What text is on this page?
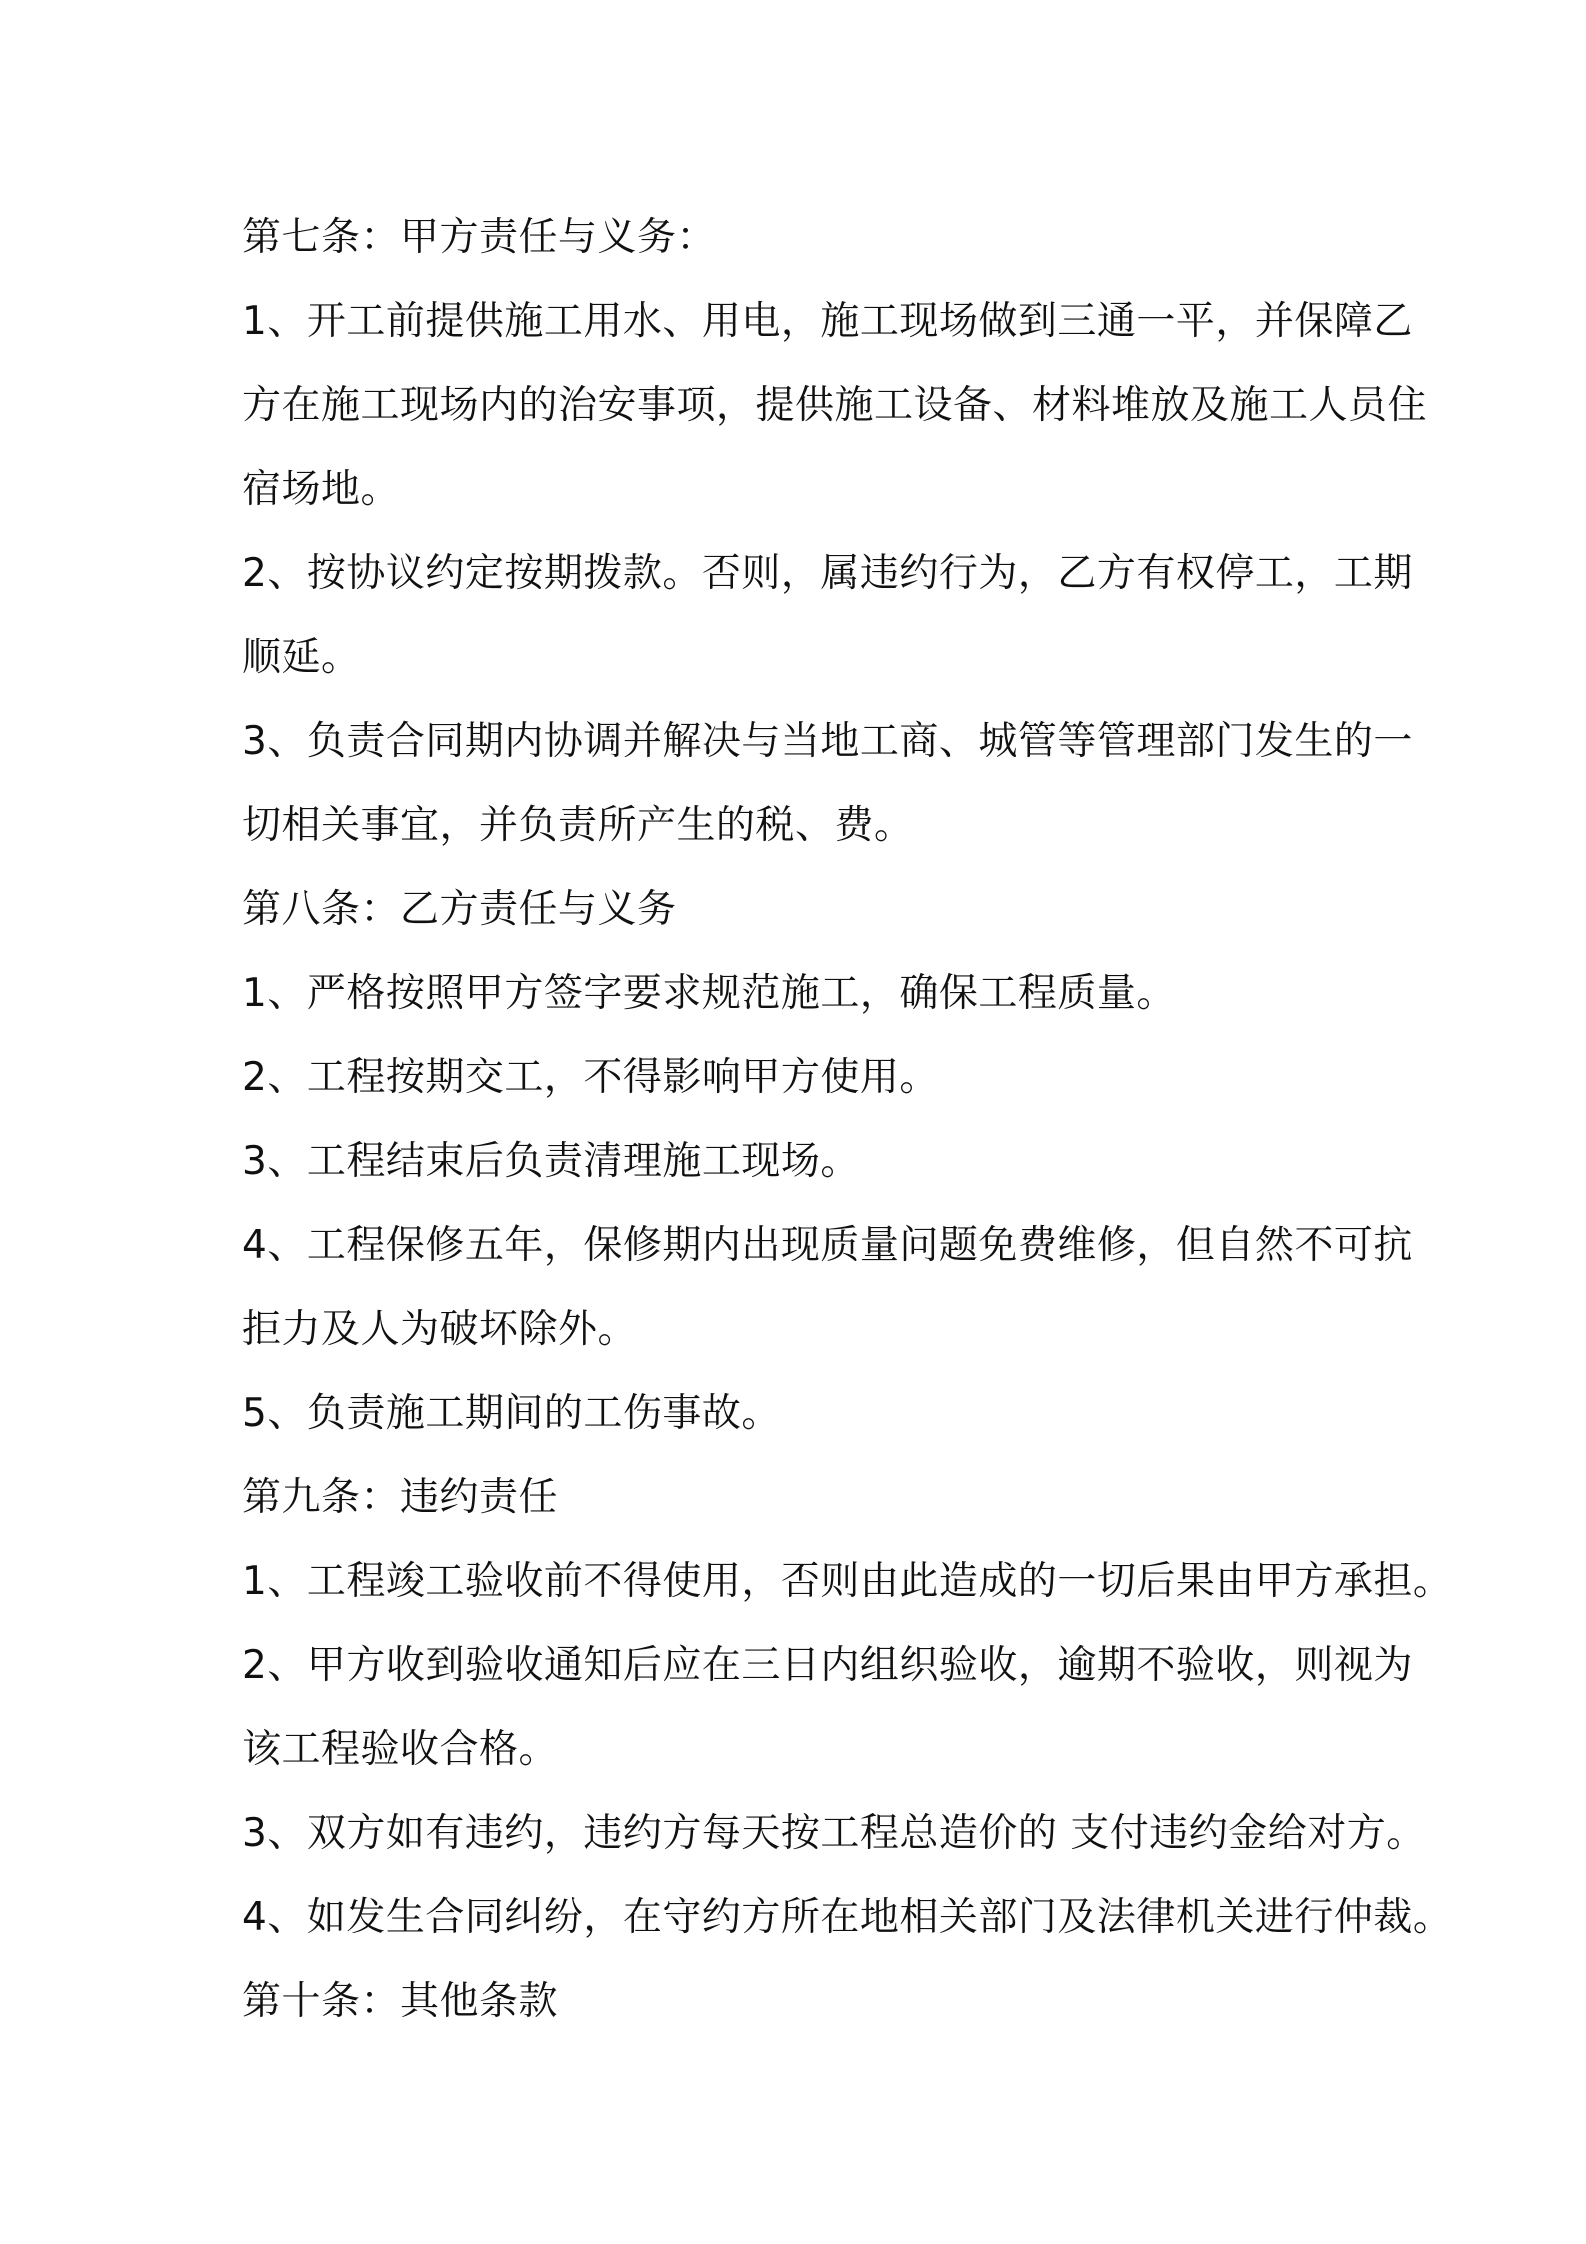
第七条：甲方责任与义务：
1、开工前提供施工用水、用电，施工现场做到三通一平，并保障乙
方在施工现场内的治安事项，提供施工设备、材料堆放及施工人员住
宿场地。
2、按协议约定按期拨款。否则，属违约行为，乙方有权停工，工期
顺延。
3、负责合同期内协调并解决与当地工商、城管等管理部门发生的一
切相关事宜，并负责所产生的税、费。
第八条：乙方责任与义务
1、严格按照甲方签字要求规范施工，确保工程质量。
2、工程按期交工，不得影响甲方使用。
3、工程结束后负责清理施工现场。
4、工程保修五年，保修期内出现质量问题免费维修，但自然不可抗
拒力及人为破坏除外。
5、负责施工期间的工伤事故。
第九条：违约责任
1、工程竣工验收前不得使用，否则由此造成的一切后果由甲方承担。
2、甲方收到验收通知后应在三日内组织验收，逾期不验收，则视为
该工程验收合格。
3、双方如有违约，违约方每天按工程总造价的 支付违约金给对方。
4、如发生合同纠纷，在守约方所在地相关部门及法律机关进行仲裁。
第十条：其他条款
